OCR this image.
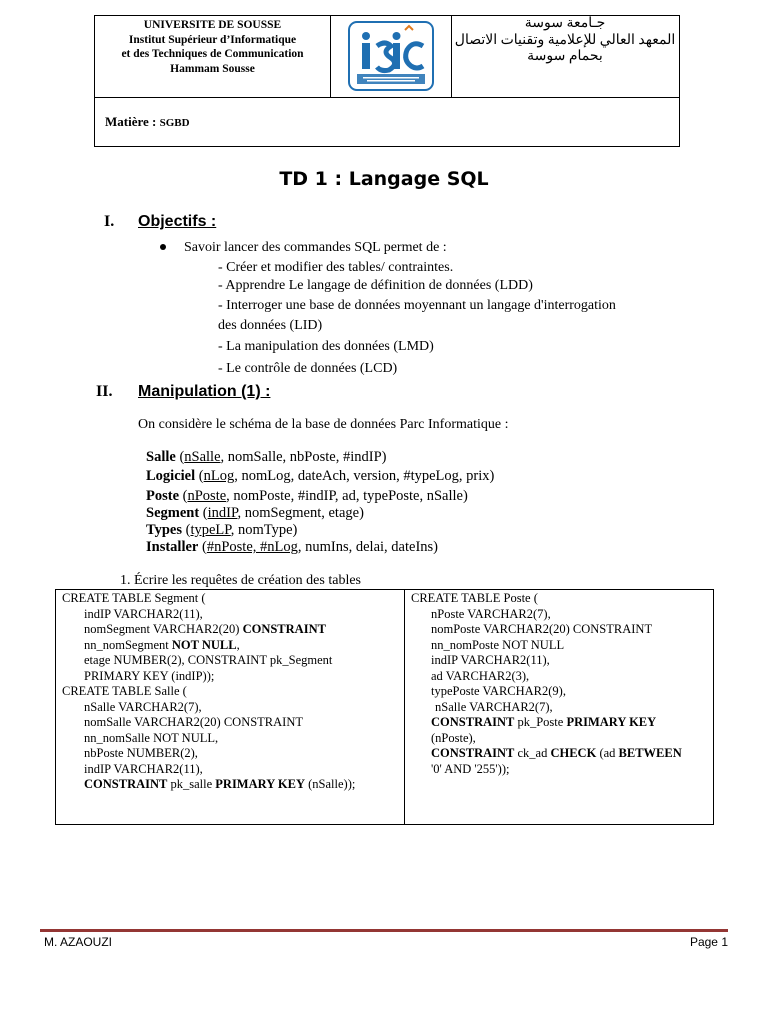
UNIVERSITE DE SOUSSE
Institut Supérieur d’Informatique
et des Techniques de Communication
Hammam Sousse
جـامعة سوسة
المعهد العالي للإعلامية وتقنيات الاتصال
بحمام سوسة
Matière : SGBD
TD 1 : Langage SQL
I. Objectifs :
Savoir lancer des commandes SQL permet de :
- Créer et modifier des tables/ contraintes.
- Apprendre Le langage de définition de données (LDD)
- Interroger une base de données moyennant un langage d'interrogation
des données (LID)
- La manipulation des données (LMD)
- Le contrôle de données (LCD)
II. Manipulation (1) :
On considère le schéma de la base de données Parc Informatique :
Salle (nSalle, nomSalle, nbPoste, #indIP)
Logiciel (nLog, nomLog, dateAch, version, #typeLog, prix)
Poste (nPoste, nomPoste, #indIP, ad, typePoste, nSalle)
Segment (indIP, nomSegment, etage)
Types (typeLP, nomType)
Installer (#nPoste, #nLog, numIns, delai, dateIns)
1. Écrire les requêtes de création des tables
CREATE TABLE Segment (
indIP VARCHAR2(11),
nomSegment VARCHAR2(20) CONSTRAINT
nn_nomSegment NOT NULL,
etage NUMBER(2), CONSTRAINT pk_Segment
PRIMARY KEY (indIP));
CREATE TABLE Salle (
nSalle VARCHAR2(7),
nomSalle VARCHAR2(20) CONSTRAINT
nn_nomSalle NOT NULL,
nbPoste NUMBER(2),
indIP VARCHAR2(11),
CONSTRAINT pk_salle PRIMARY KEY (nSalle));
CREATE TABLE Poste (
nPoste VARCHAR2(7),
nomPoste VARCHAR2(20) CONSTRAINT
nn_nomPoste NOT NULL
indIP VARCHAR2(11),
ad VARCHAR2(3),
typePoste VARCHAR2(9),
nSalle VARCHAR2(7),
CONSTRAINT pk_Poste PRIMARY KEY
(nPoste),
CONSTRAINT ck_ad CHECK (ad BETWEEN
'0' AND '255'));
M. AZAOUZI	Page 1
